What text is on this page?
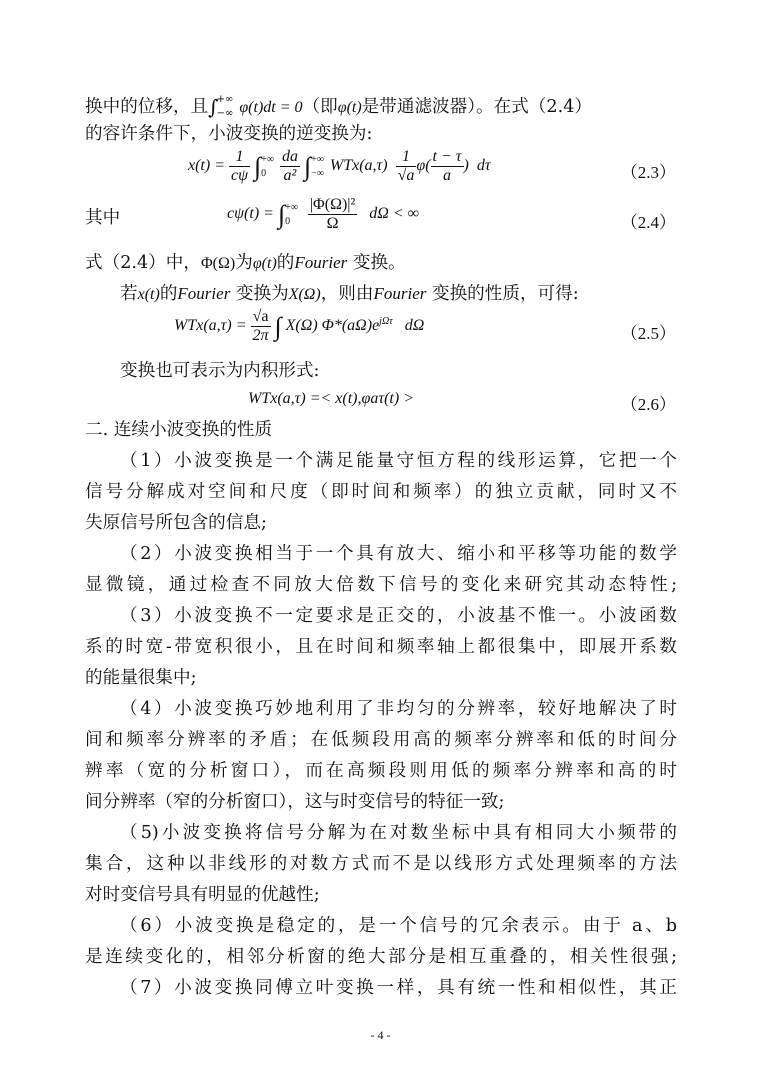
换中的位移，且∫
+∞
−∞ φ(t)dt = 0（即φ(t)是带通滤波器）。在式（2.4）
的容许条件下，小波变换的逆变换为:
$x(t) = \frac{1}{c\psi}$ ∫ +∞
0
$\frac{da}{\text{a²}}$ ∫ +∞
−∞ $WTx(a,\tau) \frac{1}{√a} \varphi( \frac{t - \tau}{a}$ ) dτ	（2.3）
其中	cψ(t) = ∫ +∞
0
	$\frac{\text{|Φ(Ω)|²}}{\Omega}$ dΩ < ∞	（2.4）
式（2.4）中，Φ(Ω)为φ(t)的Fourier 变换。
若x(t)的Fourier 变换为X(Ω)，则由Fourier 变换的性质，可得:
$WTx(a,\tau) = \frac{√a}{2\pi}$ ∫ X(Ω) $\Phi*(a\Omega)e^{j\Omega\tau}$ dΩ	（2.5）
变换也可表示为内积形式:
WTx(a,τ) =< x(t),φaτ(t) >	（2.6）
二. 连续小波变换的性质
（1）小波变换是一个满足能量守恒方程的线形运算，它把一个
信号分解成对空间和尺度（即时间和频率）的独立贡献，同时又不
失原信号所包含的信息;
（2）小波变换相当于一个具有放大、缩小和平移等功能的数学
显微镜，通过检查不同放大倍数下信号的变化来研究其动态特性;
（3）小波变换不一定要求是正交的，小波基不惟一。小波函数
系的时宽-带宽积很小，且在时间和频率轴上都很集中，即展开系数
的能量很集中;
（4）小波变换巧妙地利用了非均匀的分辨率，较好地解决了时
间和频率分辨率的矛盾；在低频段用高的频率分辨率和低的时间分
辨率（宽的分析窗口），而在高频段则用低的频率分辨率和高的时
间分辨率（窄的分析窗口），这与时变信号的特征一致;
（5)小波变换将信号分解为在对数坐标中具有相同大小频带的
集合，这种以非线形的对数方式而不是以线形方式处理频率的方法
对时变信号具有明显的优越性;
（6）小波变换是稳定的，是一个信号的冗余表示。由于 a、b
是连续变化的，相邻分析窗的绝大部分是相互重叠的，相关性很强;
（7）小波变换同傅立叶变换一样，具有统一性和相似性，其正
- 4 -
